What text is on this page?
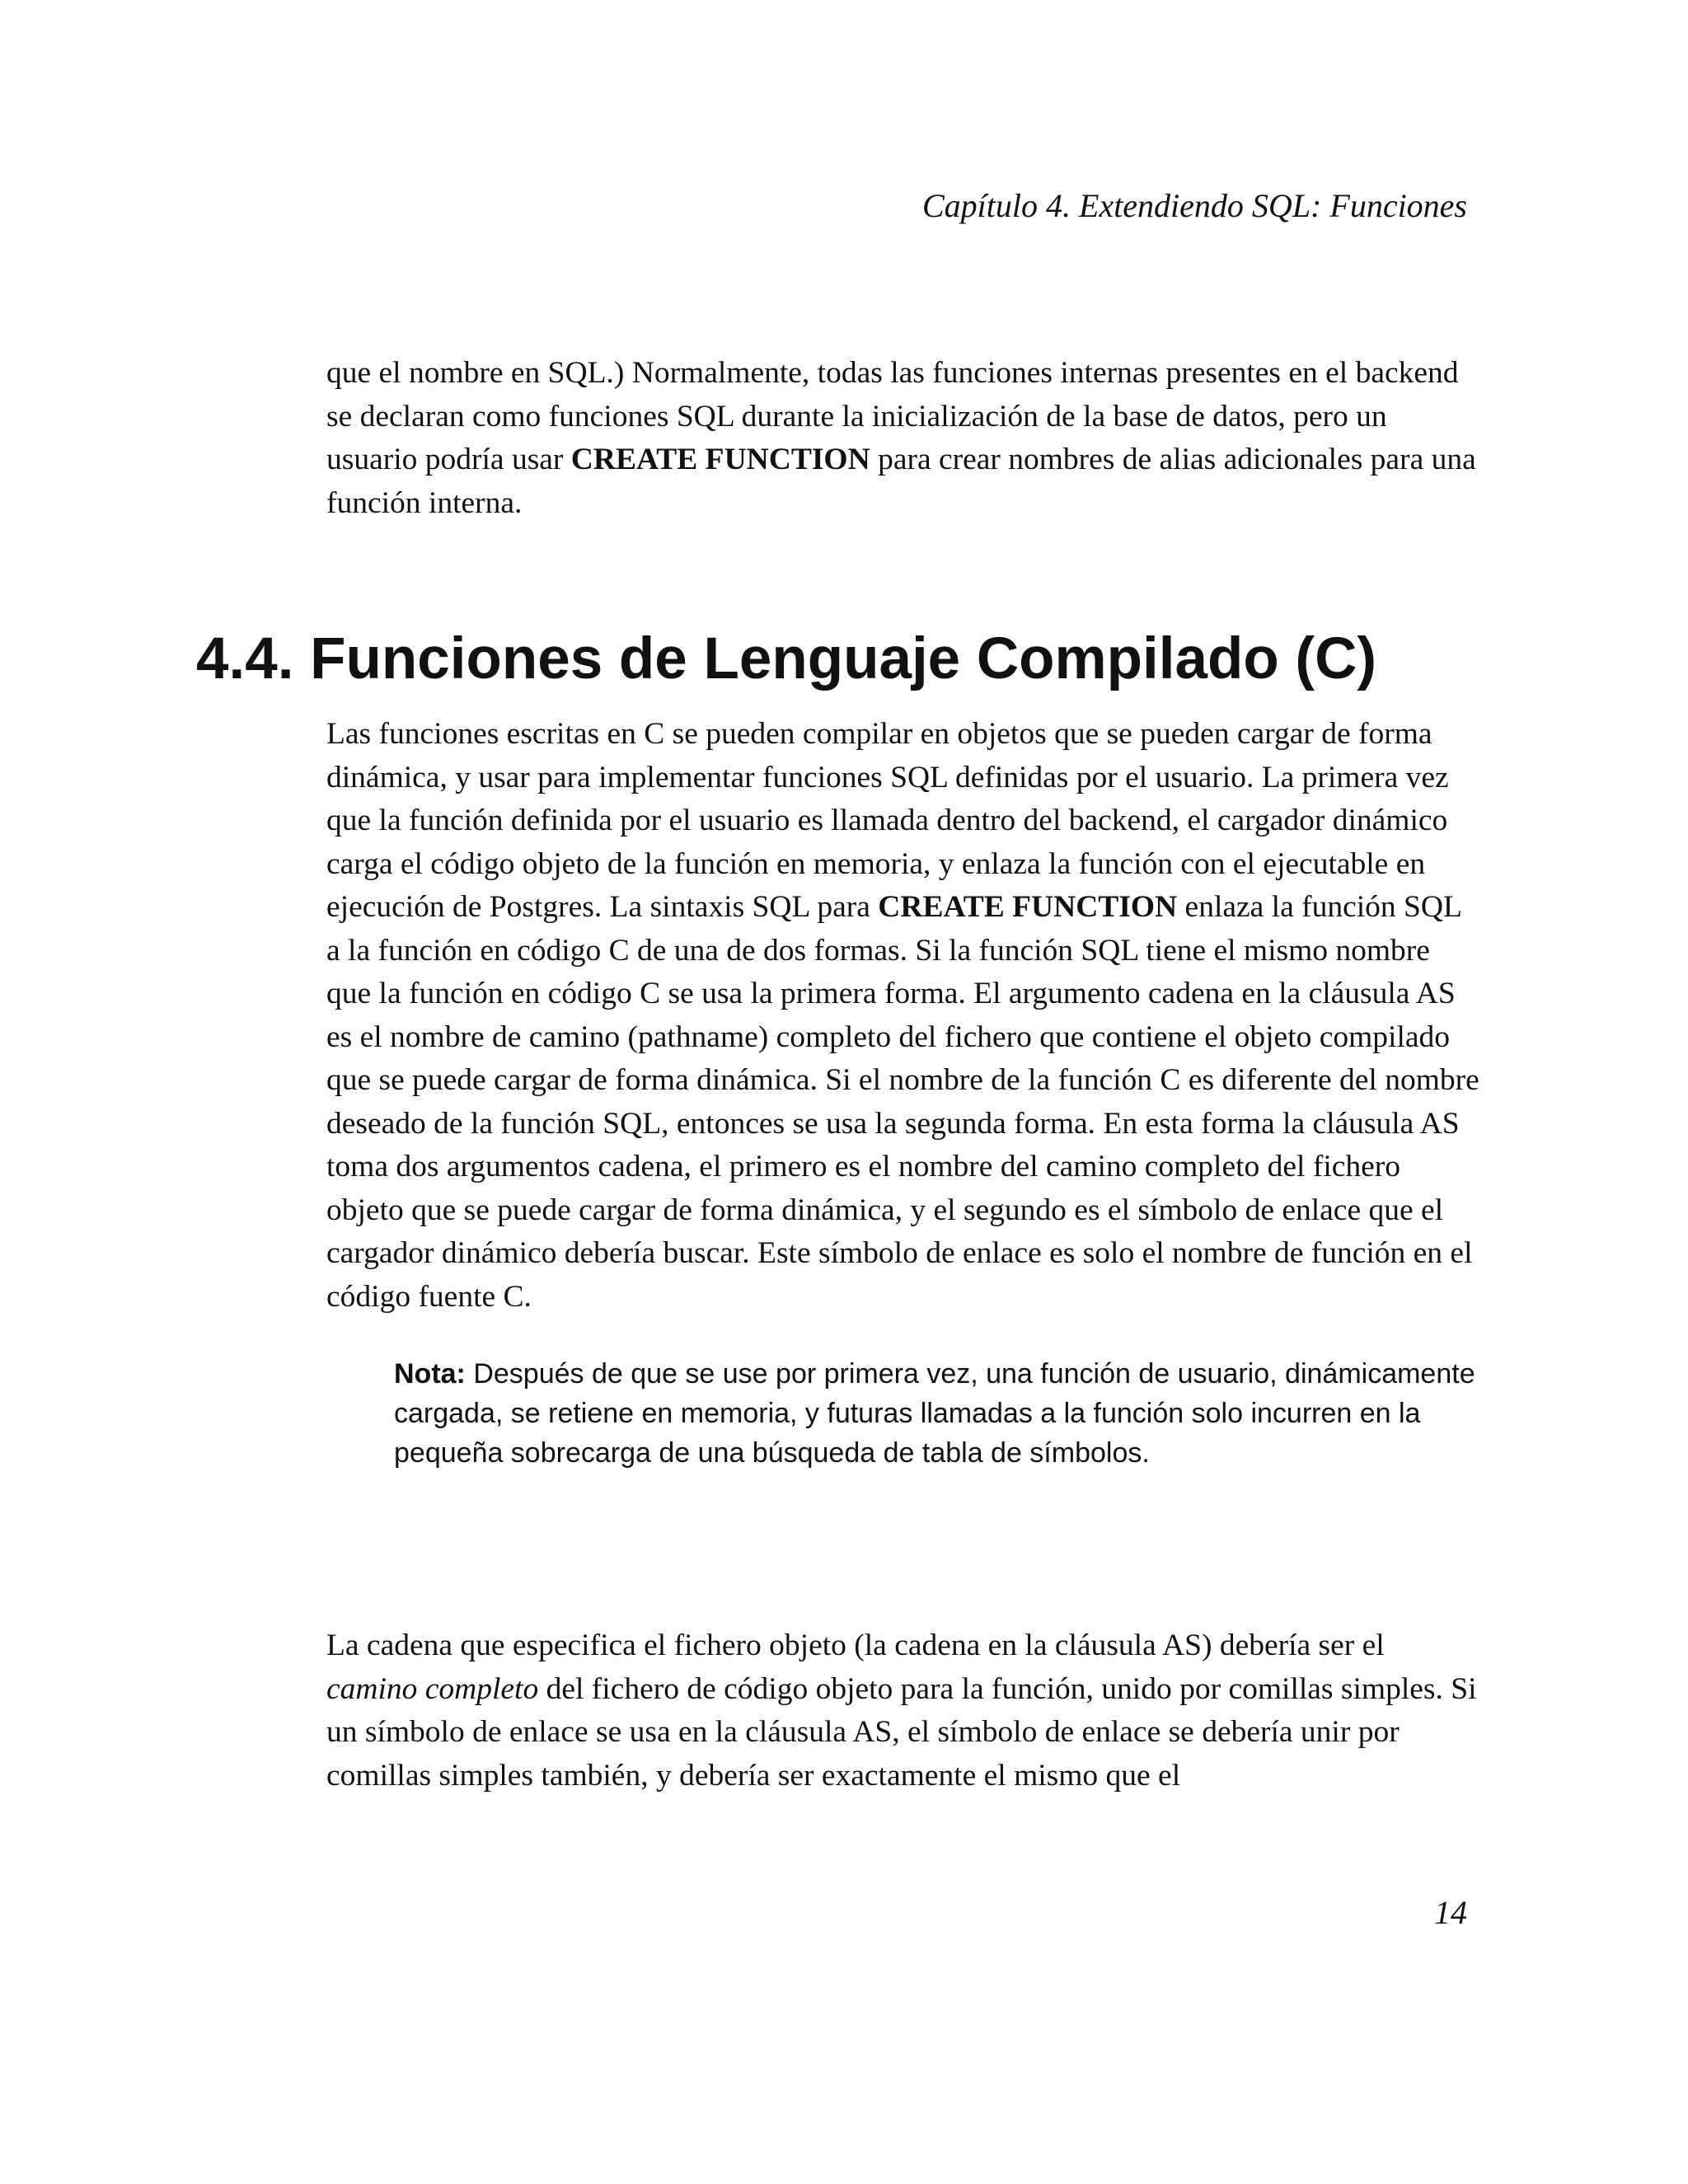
Capítulo 4. Extendiendo SQL: Funciones

que el nombre en SQL.) Normalmente, todas las funciones internas presentes en el backend se declaran como funciones SQL durante la inicialización de la base de datos, pero un usuario podría usar CREATE FUNCTION para crear nombres de alias adicionales para una función interna.

4.4. Funciones de Lenguaje Compilado (C)

Las funciones escritas en C se pueden compilar en objetos que se pueden cargar de forma dinámica, y usar para implementar funciones SQL definidas por el usuario. La primera vez que la función definida por el usuario es llamada dentro del backend, el cargador dinámico carga el código objeto de la función en memoria, y enlaza la función con el ejecutable en ejecución de Postgres. La sintaxis SQL para CREATE FUNCTION enlaza la función SQL a la función en código C de una de dos formas. Si la función SQL tiene el mismo nombre que la función en código C se usa la primera forma. El argumento cadena en la cláusula AS es el nombre de camino (pathname) completo del fichero que contiene el objeto compilado que se puede cargar de forma dinámica. Si el nombre de la función C es diferente del nombre deseado de la función SQL, entonces se usa la segunda forma. En esta forma la cláusula AS toma dos argumentos cadena, el primero es el nombre del camino completo del fichero objeto que se puede cargar de forma dinámica, y el segundo es el símbolo de enlace que el cargador dinámico debería buscar. Este símbolo de enlace es solo el nombre de función en el código fuente C.

Nota: Después de que se use por primera vez, una función de usuario, dinámicamente cargada, se retiene en memoria, y futuras llamadas a la función solo incurren en la pequeña sobrecarga de una búsqueda de tabla de símbolos.

La cadena que especifica el fichero objeto (la cadena en la cláusula AS) debería ser el camino completo del fichero de código objeto para la función, unido por comillas simples. Si un símbolo de enlace se usa en la cláusula AS, el símbolo de enlace se debería unir por comillas simples también, y debería ser exactamente el mismo que el

14
